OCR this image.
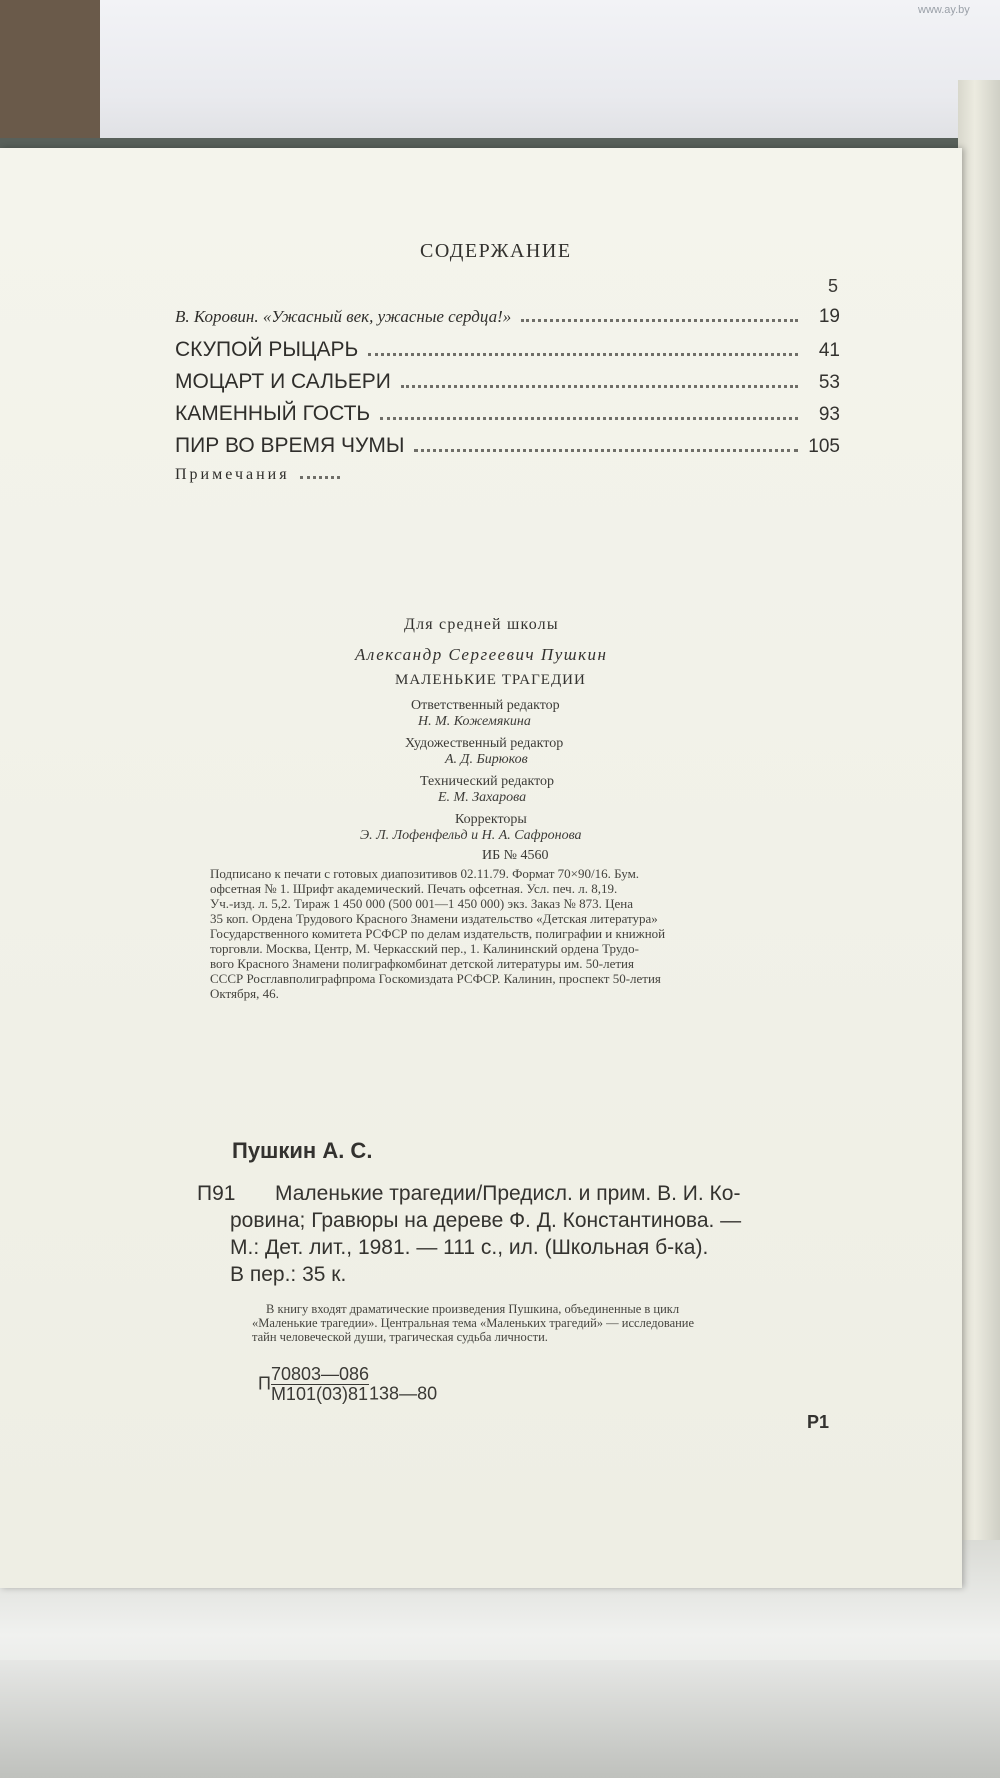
www.ay.by
СОДЕРЖАНИЕ
5
В. Коровин. «Ужасный век, ужасные сердца!»	19
СКУПОЙ РЫЦАРЬ	41
МОЦАРТ И САЛЬЕРИ	53
КАМЕННЫЙ ГОСТЬ	93
ПИР ВО ВРЕМЯ ЧУМЫ	105
Примечания
Для средней школы
Александр Сергеевич Пушкин
МАЛЕНЬКИЕ ТРАГЕДИИ
Ответственный редактор
Н. М. Кожемякина
Художественный редактор
А. Д. Бирюков
Технический редактор
Е. М. Захарова
Корректоры
Э. Л. Лофенфельд и Н. А. Сафронова
ИБ № 4560
Подписано к печати с готовых диапозитивов 02.11.79. Формат 70×90/16. Бум.
офсетная № 1. Шрифт академический. Печать офсетная. Усл. печ. л. 8,19.
Уч.-изд. л. 5,2. Тираж 1 450 000 (500 001—1 450 000) экз. Заказ № 873. Цена
35 коп. Ордена Трудового Красного Знамени издательство «Детская литература»
Государственного комитета РСФСР по делам издательств, полиграфии и книжной
торговли. Москва, Центр, М. Черкасский пер., 1. Калининский ордена Трудо-
вого Красного Знамени полиграфкомбинат детской литературы им. 50-летия
СССР Росглавполиграфпрома Госкомиздата РСФСР. Калинин, проспект 50-летия
Октября, 46.
Пушкин А. С.
П91	Маленькие трагедии/Предисл. и прим. В. И. Ко-
ровина; Гравюры на дереве Ф. Д. Константинова. —
М.: Дет. лит., 1981. — 111 с., ил. (Школьная б-ка).
В пер.: 35 к.
В книгу входят драматические произведения Пушкина, объединенные в цикл
«Маленькие трагедии». Центральная тема «Маленьких трагедий» — исследование
тайн человеческой души, трагическая судьба личности.
П $\frac{70803—086}{М101(03)81}$ 138—80
Р1
